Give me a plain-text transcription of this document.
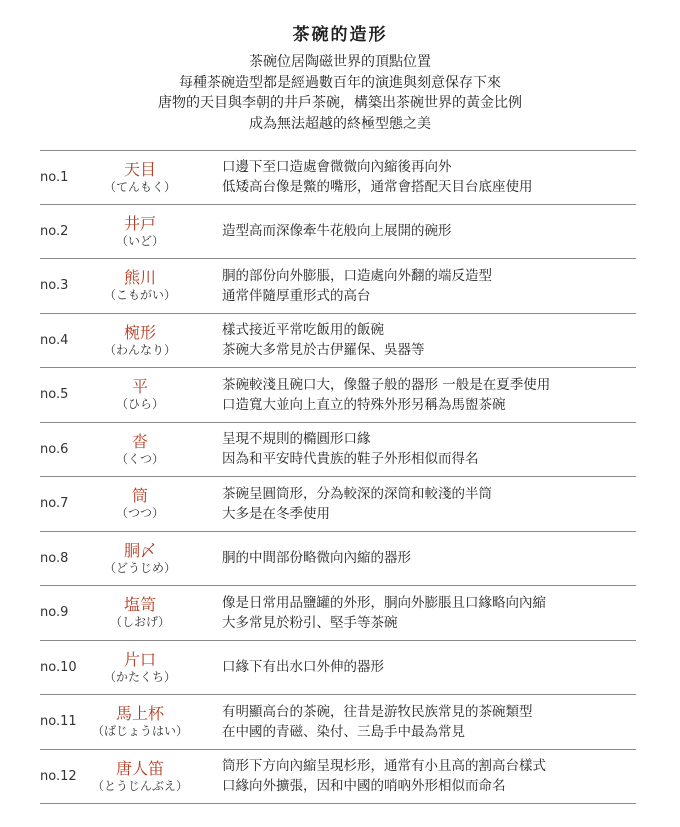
茶碗的造形
茶碗位居陶磁世界的頂點位置
每種茶碗造型都是經過數百年的演進與刻意保存下來
唐物的天目與李朝的井戶茶碗，構築出茶碗世界的黃金比例
成為無法超越的終極型態之美
no.1	天目
（てんもく）
口邊下至口造處會微微向內縮後再向外
低矮高台像是鱉的嘴形，通常會搭配天目台底座使用
no.2	井戸
（いど）
造型高而深像牽牛花般向上展開的碗形
no.3	熊川
（こもがい）
胴的部份向外膨脹，口造處向外翻的端反造型
通常伴隨厚重形式的高台
no.4	椀形
（わんなり）
樣式接近平常吃飯用的飯碗
茶碗大多常見於古伊羅保、吳器等
no.5	平
（ひら）
茶碗較淺且碗口大，像盤子般的器形 一般是在夏季使用
口造寬大並向上直立的特殊外形另稱為馬盥茶碗
no.6	沓
（くつ）
呈現不規則的橢圓形口緣
因為和平安時代貴族的鞋子外形相似而得名
no.7	筒
（つつ）
茶碗呈圓筒形，分為較深的深筒和較淺的半筒
大多是在冬季使用
no.8	胴〆
（どうじめ）
胴的中間部份略微向內縮的器形
no.9	塩笥
（しおげ）
像是日常用品鹽罐的外形，胴向外膨脹且口緣略向內縮
大多常見於粉引、堅手等茶碗
no.10	片口
（かたくち）
口緣下有出水口外伸的器形
no.11 馬上杯
（ばじょうはい）
有明顯高台的茶碗，往昔是游牧民族常見的茶碗類型
在中國的青磁、染付、三島手中最為常見
no.12 唐人笛
（とうじんぶえ）
筒形下方向內縮呈現杉形，通常有小且高的割高台樣式
口緣向外擴張，因和中國的哨吶外形相似而命名
